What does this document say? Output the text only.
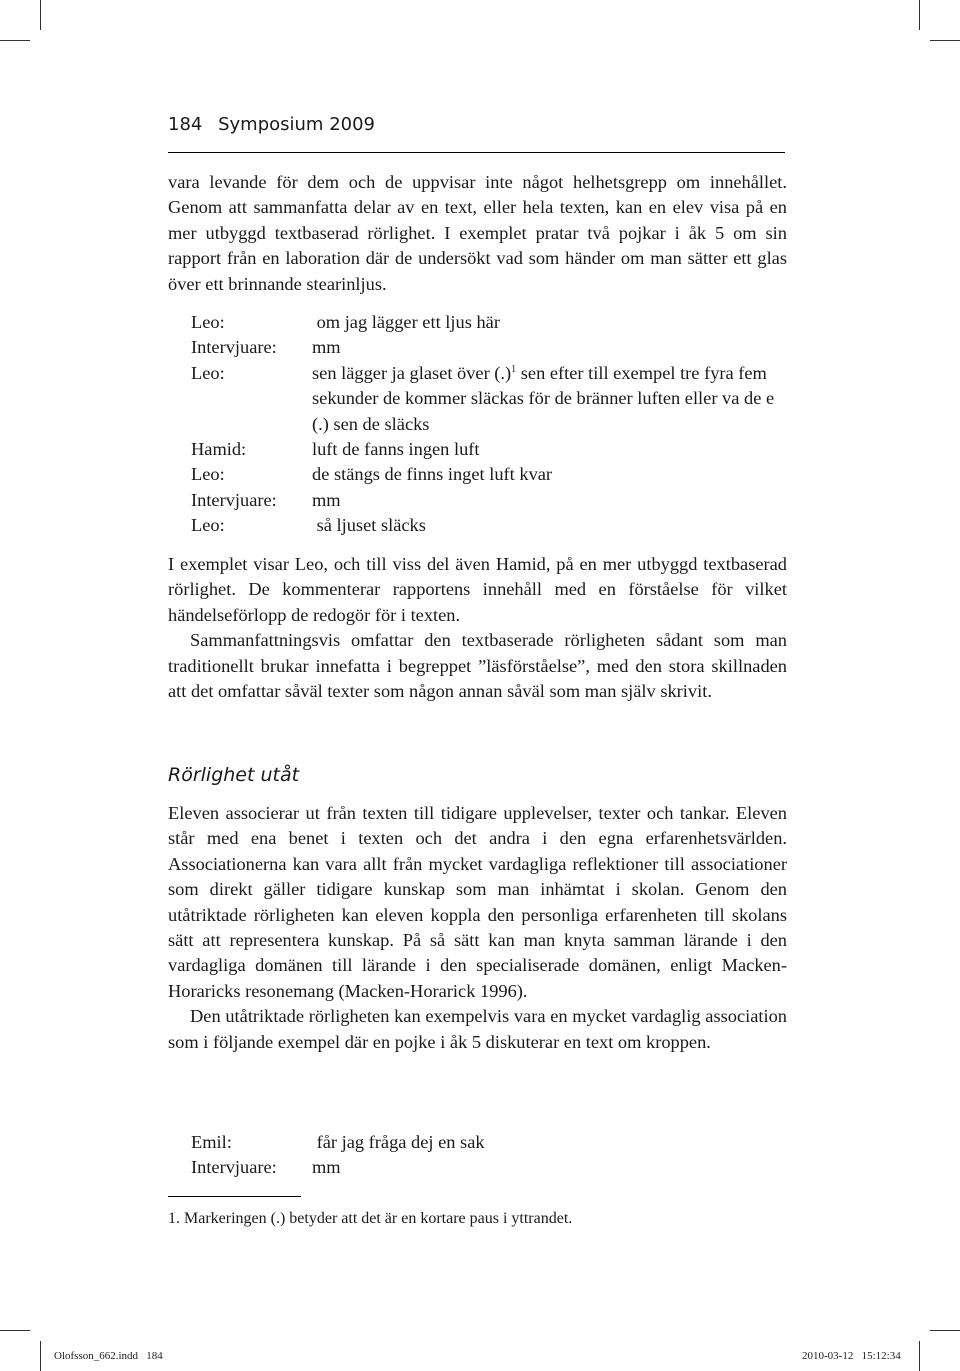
184 Symposium 2009

vara levande för dem och de uppvisar inte något helhetsgrepp om innehållet. Genom att sammanfatta delar av en text, eller hela texten, kan en elev visa på en mer utbyggd textbaserad rörlighet. I exemplet pratar två pojkar i åk 5 om sin rapport från en laboration där de undersökt vad som händer om man sätter ett glas över ett brinnande stearinljus.

Leo:	om jag lägger ett ljus här
Intervjuare:	mm
Leo:	sen lägger ja glaset över (.)$^1$ sen efter till exempel tre fyra fem sekunder de kommer släckas för de bränner luften eller va de e (.) sen de släcks
Hamid:	luft de fanns ingen luft
Leo:	de stängs de finns inget luft kvar
Intervjuare:	mm
Leo:	så ljuset släcks

I exemplet visar Leo, och till viss del även Hamid, på en mer utbyggd textbaserad rörlighet. De kommenterar rapportens innehåll med en förståelse för vilket händelseförlopp de redogör för i texten.

Sammanfattningsvis omfattar den textbaserade rörligheten sådant som man traditionellt brukar innefatta i begreppet ”läsförståelse”, med den stora skillnaden att det omfattar såväl texter som någon annan såväl som man själv skrivit.

Rörlighet utåt

Eleven associerar ut från texten till tidigare upplevelser, texter och tankar. Eleven står med ena benet i texten och det andra i den egna erfarenhetsvärlden. Associationerna kan vara allt från mycket vardagliga reflektioner till associationer som direkt gäller tidigare kunskap som man inhämtat i skolan. Genom den utåtriktade rörligheten kan eleven koppla den personliga erfarenheten till skolans sätt att representera kunskap. På så sätt kan man knyta samman lärande i den vardagliga domänen till lärande i den specialiserade domänen, enligt Macken- Horaricks resonemang (Macken-Horarick 1996).

Den utåtriktade rörligheten kan exempelvis vara en mycket vardaglig association som i följande exempel där en pojke i åk 5 diskuterar en text om kroppen.

Emil:	får jag fråga dej en sak
Intervjuare:	mm
1. Markeringen (.) betyder att det är en kortare paus i yttrandet.
Olofsson_662.indd   184	2010-03-12   15:12:34
